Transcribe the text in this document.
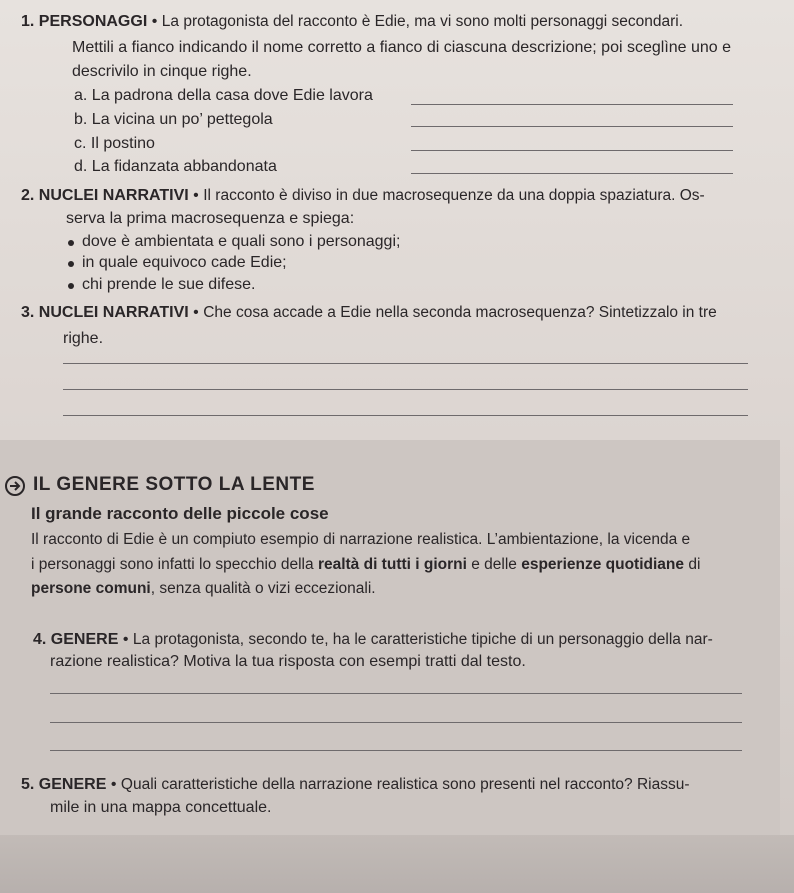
1. PERSONAGGI • La protagonista del racconto è Edie, ma vi sono molti personaggi secondari.
Mettili a fianco indicando il nome corretto a fianco di ciascuna descrizione; poi sceglìne uno e
descrivilo in cinque righe.
a. La padrona della casa dove Edie lavora
b. La vicina un po’ pettegola
c. Il postino
d. La fidanzata abbandonata
2. NUCLEI NARRATIVI • Il racconto è diviso in due macrosequenze da una doppia spaziatura. Os-
serva la prima macrosequenza e spiega:
dove è ambientata e quali sono i personaggi;
in quale equivoco cade Edie;
chi prende le sue difese.
3. NUCLEI NARRATIVI • Che cosa accade a Edie nella seconda macrosequenza? Sintetizzalo in tre
righe.
IL GENERE SOTTO LA LENTE
Il grande racconto delle piccole cose
Il racconto di Edie è un compiuto esempio di narrazione realistica. L’ambientazione, la vicenda e
i personaggi sono infatti lo specchio della realtà di tutti i giorni e delle esperienze quotidiane di
persone comuni, senza qualità o vizi eccezionali.
4. GENERE • La protagonista, secondo te, ha le caratteristiche tipiche di un personaggio della nar-
razione realistica? Motiva la tua risposta con esempi tratti dal testo.
5. GENERE • Quali caratteristiche della narrazione realistica sono presenti nel racconto? Riassu-
mile in una mappa concettuale.
